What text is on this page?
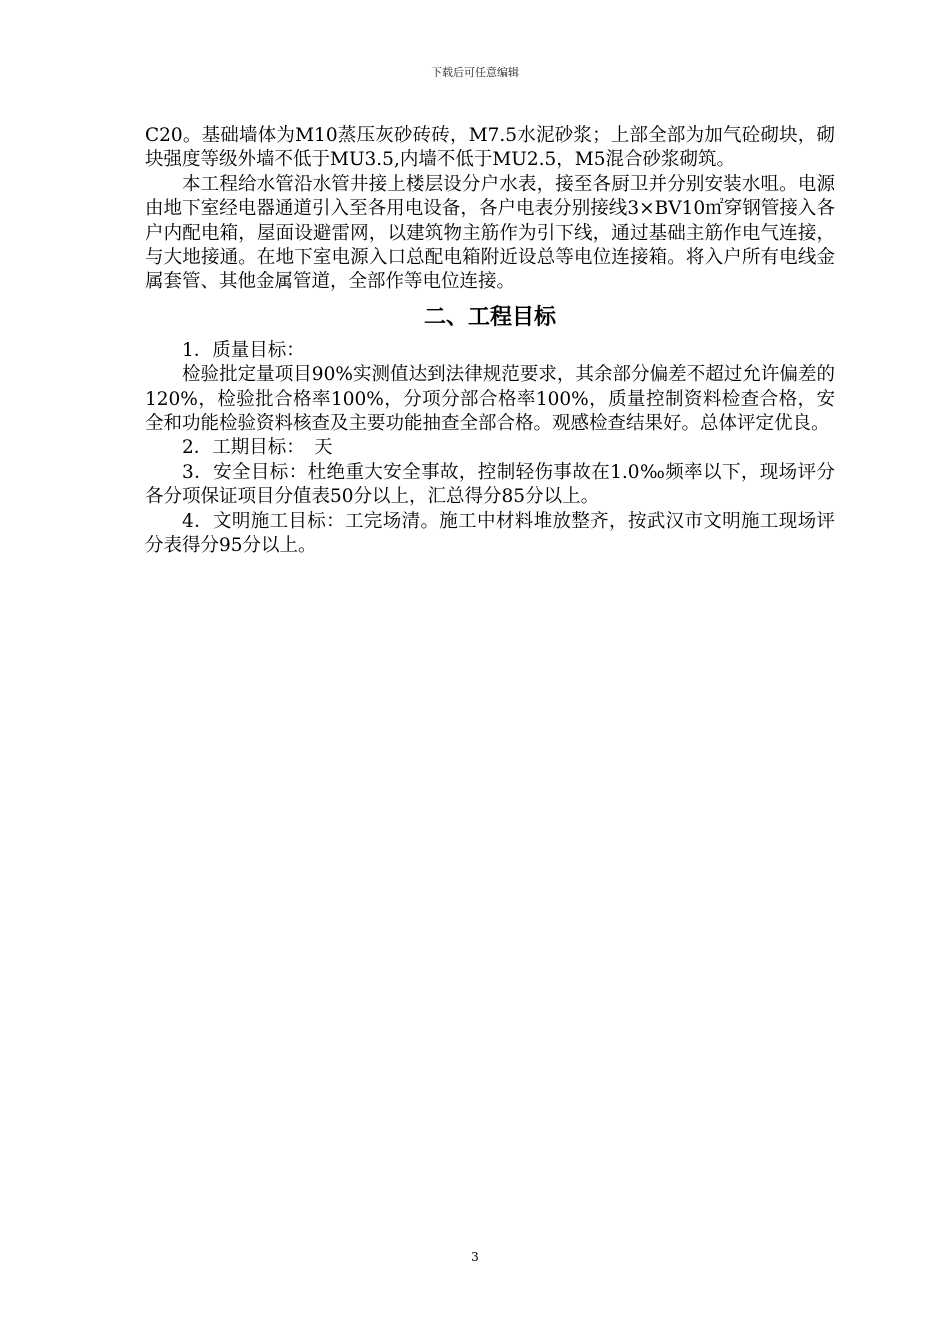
下载后可任意编辑

C20。基础墙体为M10蒸压灰砂砖砖，M7.5水泥砂浆；上部全部为加气砼砌块，砌块强度等级外墙不低于MU3.5,内墙不低于MU2.5，M5混合砂浆砌筑。

本工程给水管沿水管井接上楼层设分户水表，接至各厨卫并分别安装水咀。电源由地下室经电器通道引入至各用电设备，各户电表分别接线3×BV10㎡穿钢管接入各户内配电箱，屋面设避雷网，以建筑物主筋作为引下线，通过基础主筋作电气连接，与大地接通。在地下室电源入口总配电箱附近设总等电位连接箱。将入户所有电线金属套管、其他金属管道，全部作等电位连接。

二、工程目标

1．质量目标：

检验批定量项目90%实测值达到法律规范要求，其余部分偏差不超过允许偏差的120%，检验批合格率100%，分项分部合格率100%，质量控制资料检查合格，安全和功能检验资料核查及主要功能抽查全部合格。观感检查结果好。总体评定优良。

2．工期目标：　天

3．安全目标：杜绝重大安全事故，控制轻伤事故在1.0‰频率以下，现场评分各分项保证项目分值表50分以上，汇总得分85分以上。

4．文明施工目标：工完场清。施工中材料堆放整齐，按武汉市文明施工现场评分表得分95分以上。

3
